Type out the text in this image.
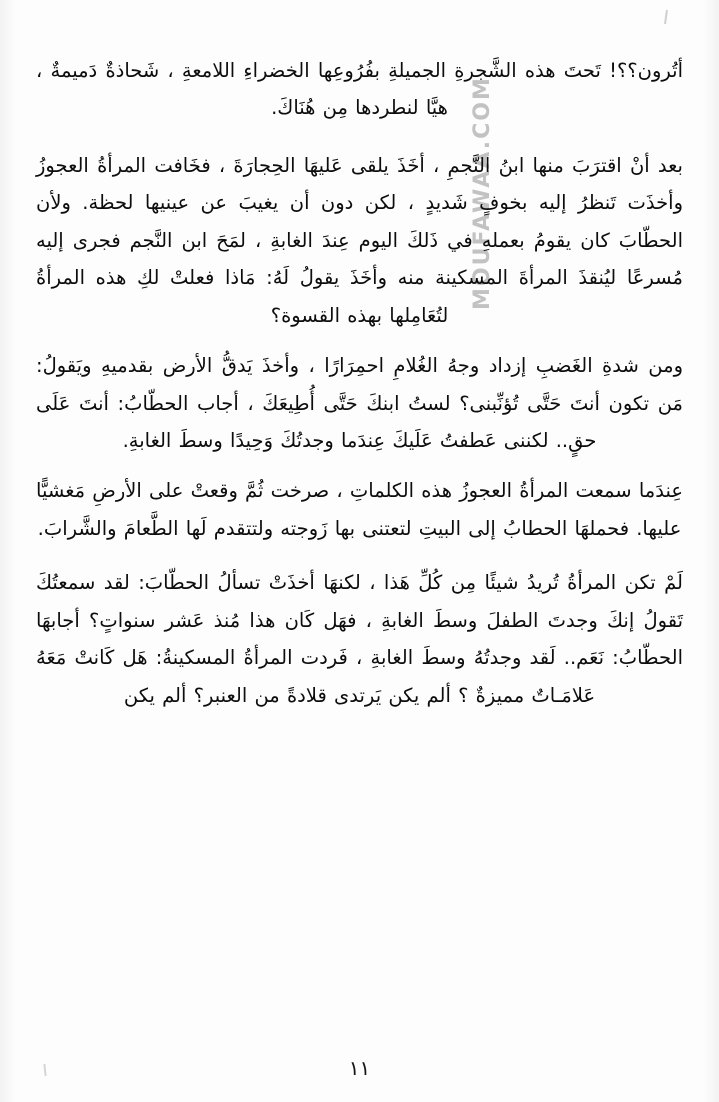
MOUFAWAA.COM

أتُرون؟؟! تَحتَ هذه الشَّجرةِ الجميلةِ بفُرُوعِها الخضراءِ اللامعةِ ، شَحاذةٌ دَميمةٌ ، هيَّا لنطردها مِن هُنَاكَ.

بعد أنْ اقترَبَ منها ابنُ النَّجمِ ، أخَذَ يلقى عَليهَا الحِجارَةَ ، فخَافت المرأةُ العجوزُ وأخذَت تَنظرُ إليه بخوفٍ شَديدٍ ، لكن دون أن يغيبَ عن عينيها لحظة. ولأن الحطّابَ كان يقومُ بعملهِ في ذَلكَ اليوم عِندَ الغابةِ ، لمَحَ ابن النَّجم فجرى إليه مُسرعًا ليُنقذَ المرأةَ المسكينة منه وأخَذَ يقولُ لَهُ: مَاذا فعلتْ لكِ هذه المرأةُ لتُعَامِلها بهذه القسوة؟

ومن شدةِ الغَضبِ إزداد وجهُ الغُلامِ احمِرَارًا ، وأخذَ يَدقُّ الأرض بقدميهِ ويَقولُ: مَن تكون أنتَ حَتَّى تُؤنِّبنى؟ لستُ ابنكَ حَتَّى أُطِيعَكَ ، أجاب الحطّابُ: أنتَ عَلَى حقٍ.. لكننى عَطفتُ عَلَيكَ عِندَما وجدتُكَ وَحِيدًا وسطَ الغابةِ.

عِندَما سمعت المرأةُ العجوزُ هذه الكلماتِ ، صرخت ثُمَّ وقعتْ على الأرضِ مَغشيًّا عليها. فحملهَا الحطابُ إلى البيتِ لتعتنى بها زَوجته ولتتقدم لَها الطَّعامَ والشَّرابَ.

لَمْ تكن المرأةُ تُريدُ شيئًا مِن كُلِّ هَذا ، لكنهَا أخذَتْ تسألُ الحطّابَ: لقد سمعتُكَ تَقولُ إنكَ وجدتَ الطفلَ وسطَ الغابةِ ، فهَل كَان هذا مُنذ عَشر سنواتٍ؟ أجابهَا الحطّابُ: نَعَم.. لَقد وجدتُهُ وسطَ الغابةِ ، فَردت المرأةُ المسكينةُ: هَل كَانتْ مَعَهُ عَلامَـاتٌ مميزةٌ ؟ ألم يكن يَرتدى قلادةً من العنبر؟ ألم يكن

١١
